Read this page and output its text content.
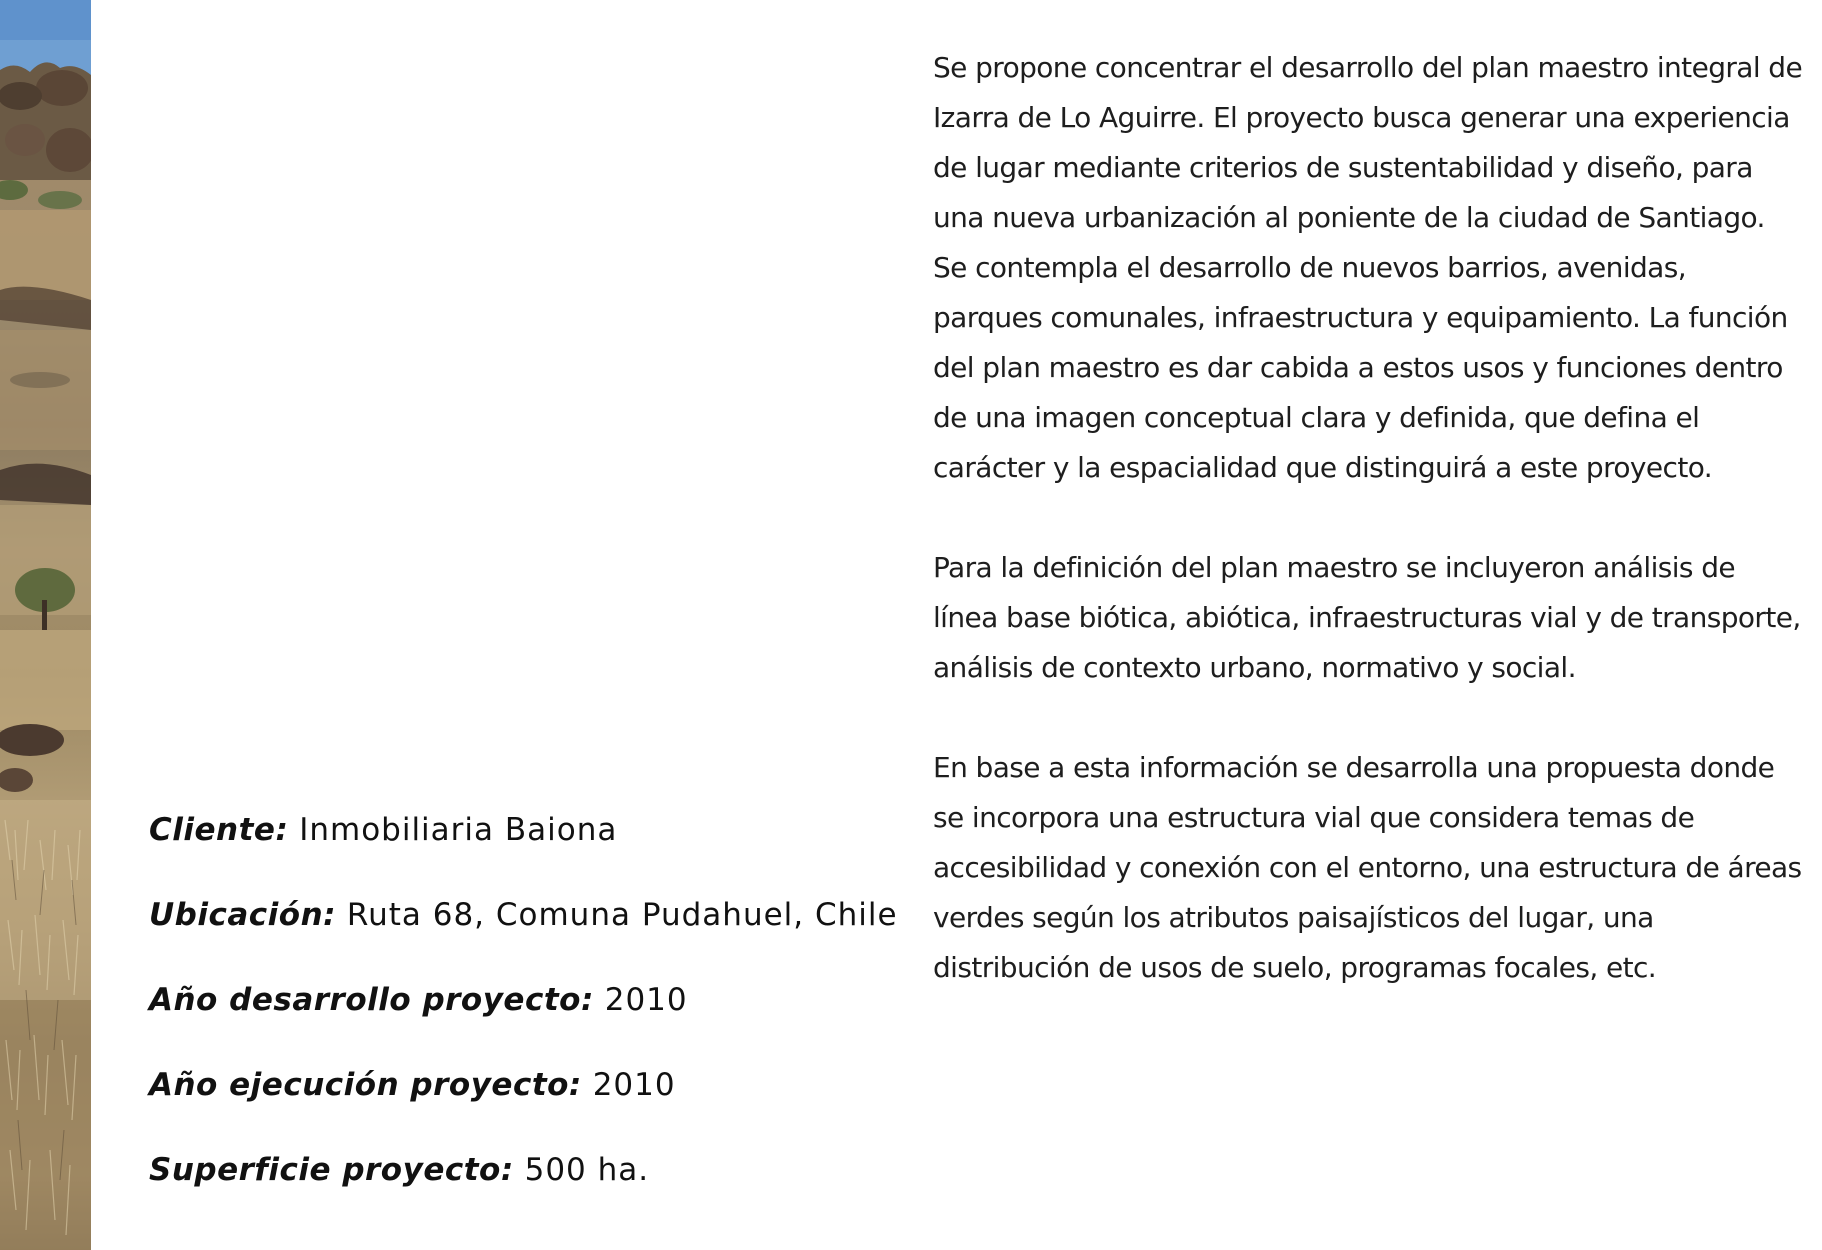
Cliente: Inmobiliaria Baiona
Ubicación: Ruta 68, Comuna Pudahuel, Chile
Año desarrollo proyecto: 2010
Año ejecución proyecto: 2010
Superficie proyecto: 500 ha.

Se propone concentrar el desarrollo del plan maestro integral de Izarra de Lo Aguirre. El proyecto busca generar una experiencia de lugar mediante criterios de sustentabilidad y diseño, para una nueva urbanización al poniente de la ciudad de Santiago. Se contempla el desarrollo de nuevos barrios, avenidas, parques comunales, infraestructura y equipamiento. La función del plan maestro es dar cabida a estos usos y funciones dentro de una imagen conceptual clara y definida, que defina el carácter y la espacialidad que distinguirá a este proyecto.

Para la definición del plan maestro se incluyeron análisis de línea base biótica, abiótica, infraestructuras vial y de transporte, análisis de contexto urbano, normativo y social.

En base a esta información se desarrolla una propuesta donde se incorpora una estructura vial que considera temas de accesibilidad y conexión con el entorno, una estructura de áreas verdes según los atributos paisajísticos del lugar, una distribución de usos de suelo, programas focales, etc.
